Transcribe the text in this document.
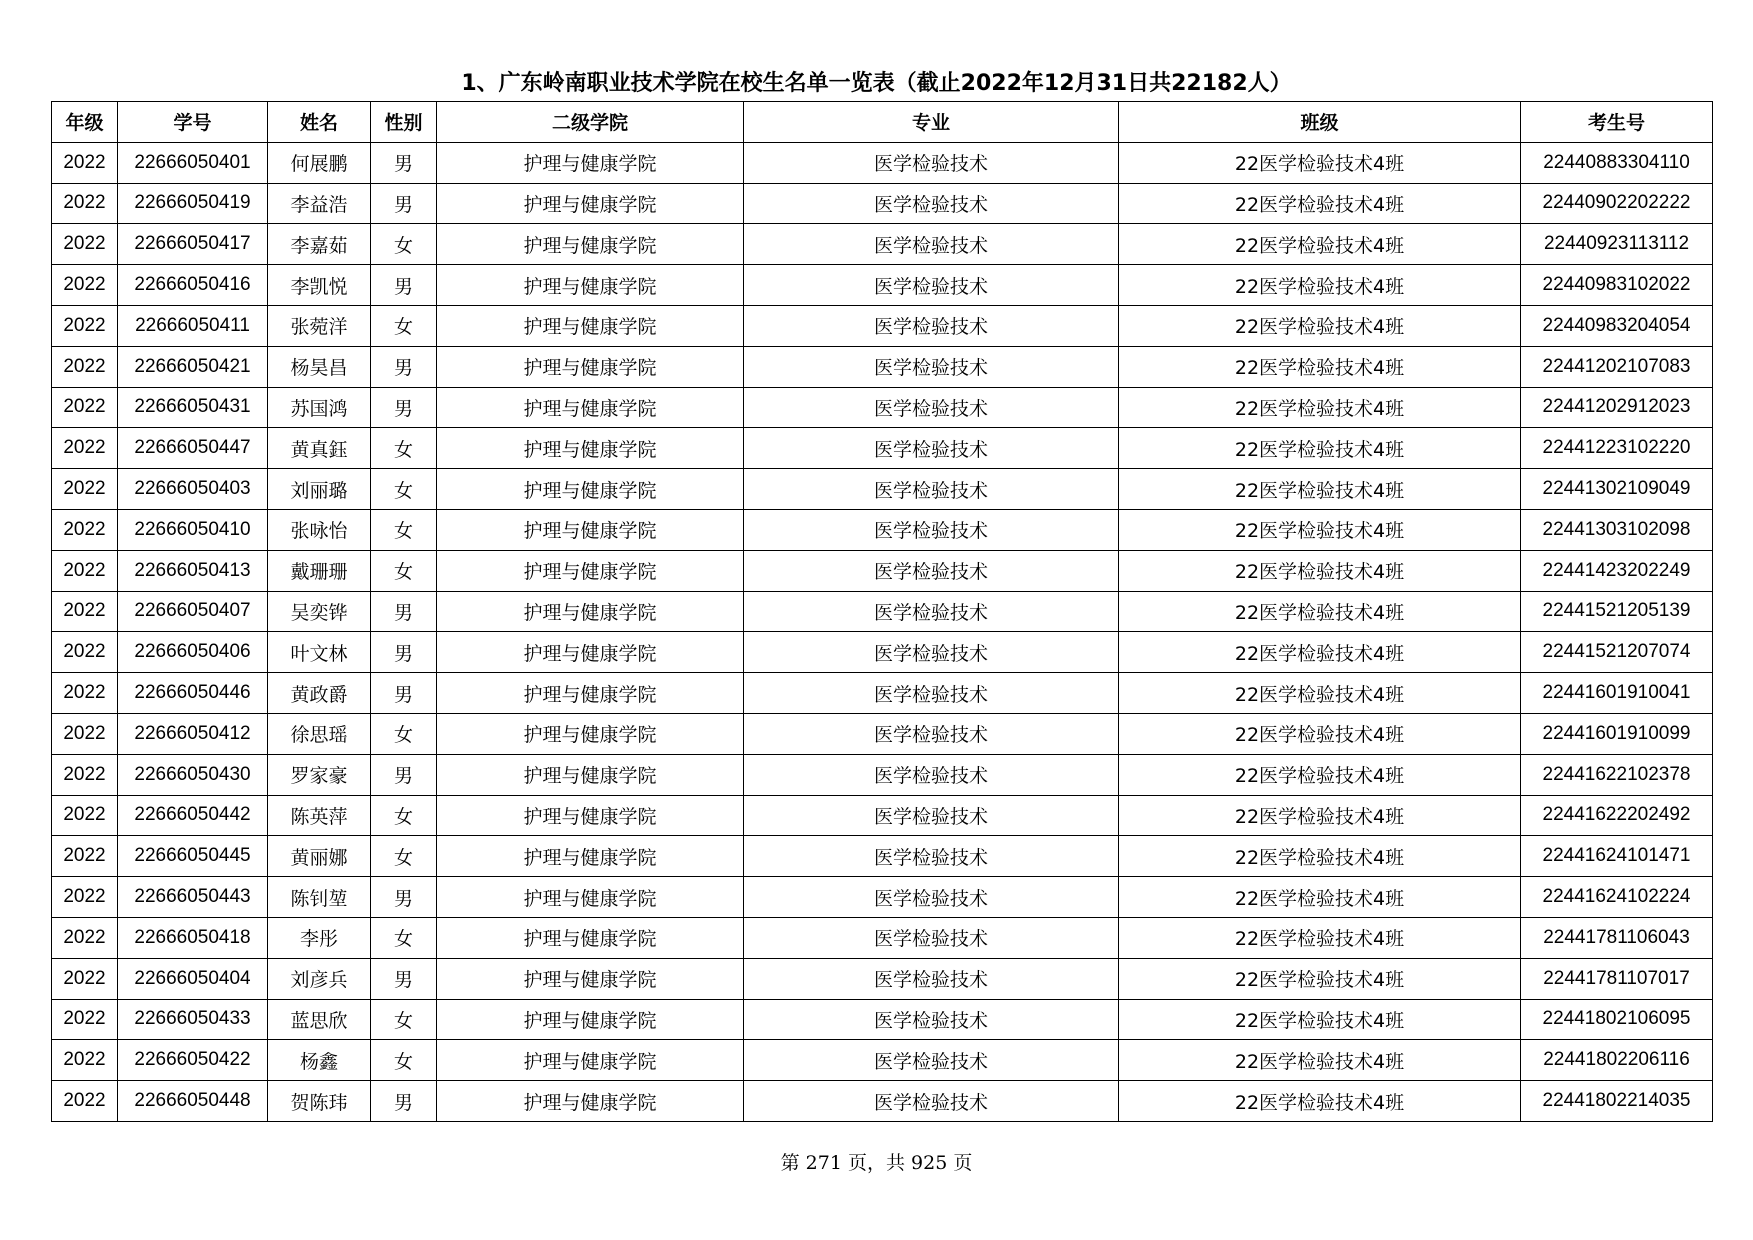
1、广东岭南职业技术学院在校生名单一览表（截止2022年12月31日共22182人）
年级	学号	姓名	性别	二级学院	专业	班级	考生号
2022	22666050401	何展鹏	男	护理与健康学院	医学检验技术	22医学检验技术4班	22440883304110
2022	22666050419	李益浩	男	护理与健康学院	医学检验技术	22医学检验技术4班	22440902202222
2022	22666050417	李嘉茹	女	护理与健康学院	医学检验技术	22医学检验技术4班	22440923113112
2022	22666050416	李凯悦	男	护理与健康学院	医学检验技术	22医学检验技术4班	22440983102022
2022	22666050411	张菀洋	女	护理与健康学院	医学检验技术	22医学检验技术4班	22440983204054
2022	22666050421	杨昊昌	男	护理与健康学院	医学检验技术	22医学检验技术4班	22441202107083
2022	22666050431	苏国鸿	男	护理与健康学院	医学检验技术	22医学检验技术4班	22441202912023
2022	22666050447	黄真鈺	女	护理与健康学院	医学检验技术	22医学检验技术4班	22441223102220
2022	22666050403	刘丽璐	女	护理与健康学院	医学检验技术	22医学检验技术4班	22441302109049
2022	22666050410	张咏怡	女	护理与健康学院	医学检验技术	22医学检验技术4班	22441303102098
2022	22666050413	戴珊珊	女	护理与健康学院	医学检验技术	22医学检验技术4班	22441423202249
2022	22666050407	吴奕铧	男	护理与健康学院	医学检验技术	22医学检验技术4班	22441521205139
2022	22666050406	叶文林	男	护理与健康学院	医学检验技术	22医学检验技术4班	22441521207074
2022	22666050446	黄政爵	男	护理与健康学院	医学检验技术	22医学检验技术4班	22441601910041
2022	22666050412	徐思瑶	女	护理与健康学院	医学检验技术	22医学检验技术4班	22441601910099
2022	22666050430	罗家豪	男	护理与健康学院	医学检验技术	22医学检验技术4班	22441622102378
2022	22666050442	陈英萍	女	护理与健康学院	医学检验技术	22医学检验技术4班	22441622202492
2022	22666050445	黄丽娜	女	护理与健康学院	医学检验技术	22医学检验技术4班	22441624101471
2022	22666050443	陈钊堃	男	护理与健康学院	医学检验技术	22医学检验技术4班	22441624102224
2022	22666050418	李彤	女	护理与健康学院	医学检验技术	22医学检验技术4班	22441781106043
2022	22666050404	刘彦兵	男	护理与健康学院	医学检验技术	22医学检验技术4班	22441781107017
2022	22666050433	蓝思欣	女	护理与健康学院	医学检验技术	22医学检验技术4班	22441802106095
2022	22666050422	杨鑫	女	护理与健康学院	医学检验技术	22医学检验技术4班	22441802206116
2022	22666050448	贺陈玮	男	护理与健康学院	医学检验技术	22医学检验技术4班	22441802214035
第 271 页，共 925 页
